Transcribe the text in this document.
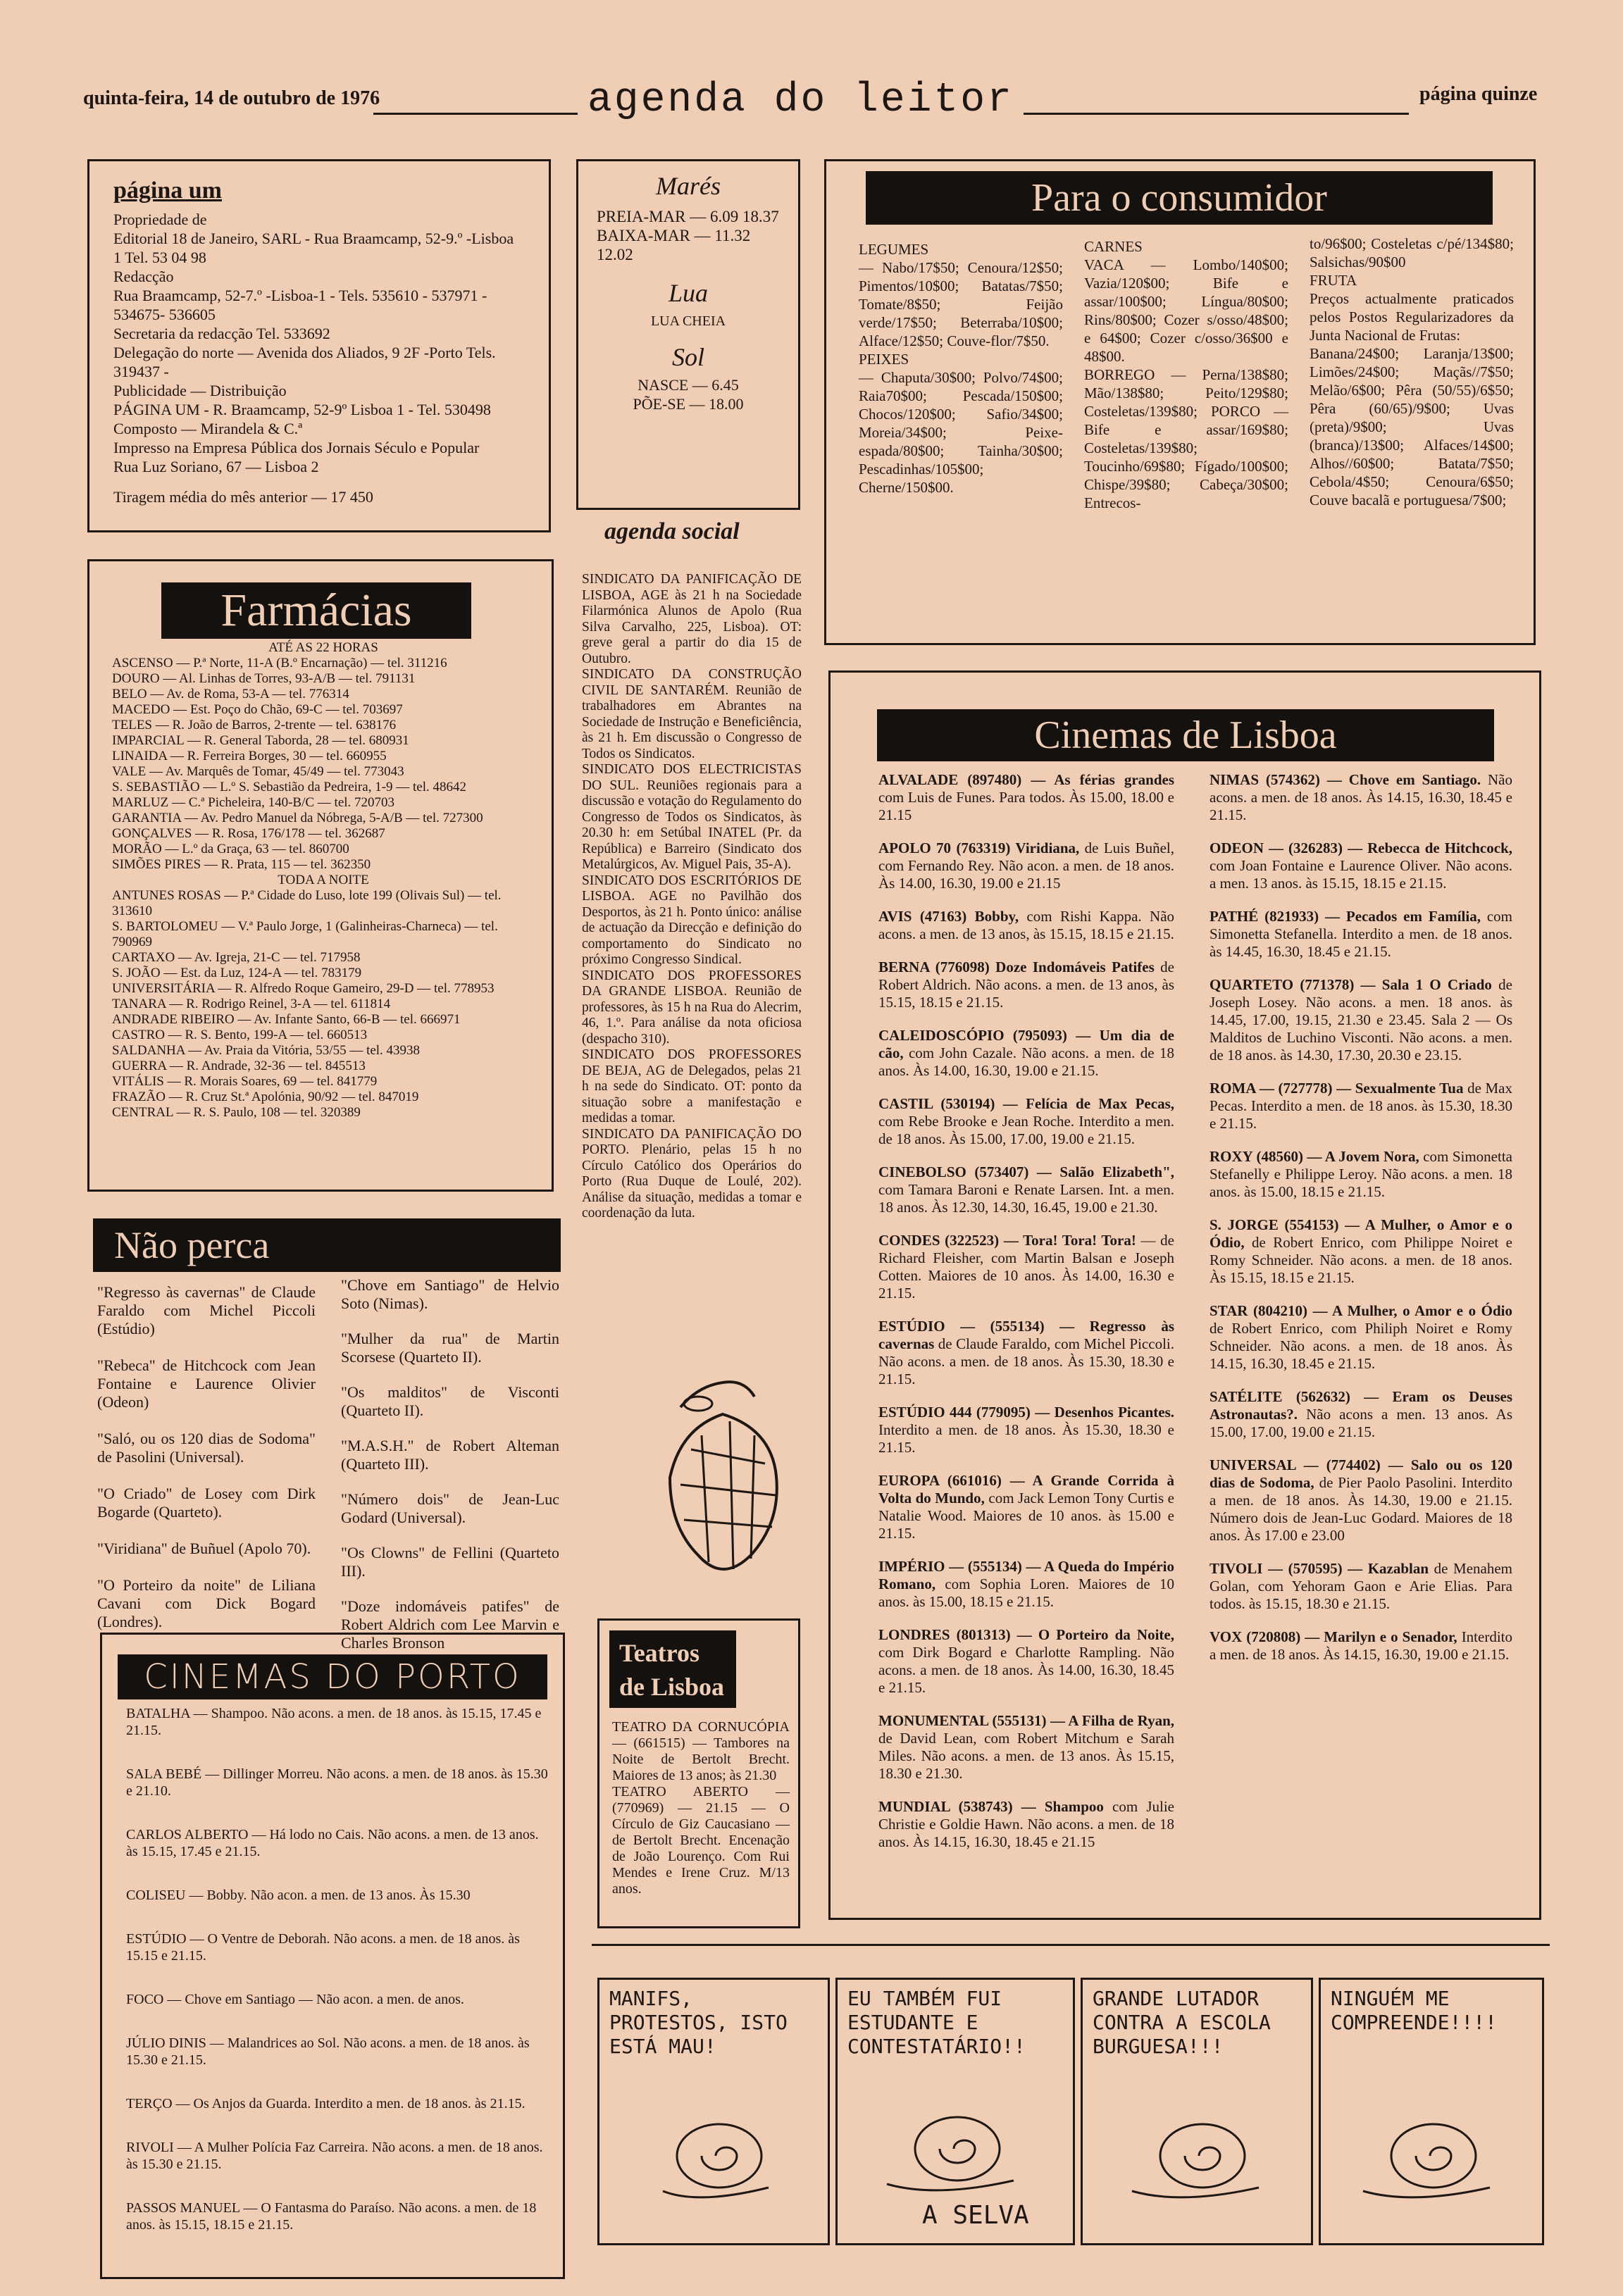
quinta-feira, 14 de outubro de 1976	agenda do leitor	página quinze
página um
Propriedade de
Editorial 18 de Janeiro, SARL - Rua Braamcamp, 52-9.º -Lisboa 1 Tel. 53 04 98
Redacção
Rua Braamcamp, 52-7.º -Lisboa-1 - Tels. 535610 - 537971 - 534675- 536605
Secretaria da redacção Tel. 533692
Delegação do norte — Avenida dos Aliados, 9 2F -Porto Tels. 319437 -
Publicidade — Distribuição
PÁGINA UM - R. Braamcamp, 52-9º Lisboa 1 - Tel. 530498
Composto — Mirandela & C.ª
Impresso na Empresa Pública dos Jornais Século e Popular
Rua Luz Soriano, 67 — Lisboa 2
Tiragem média do mês anterior — 17 450
Marés
PREIA-MAR — 6.09 18.37
BAIXA-MAR — 11.32 12.02
Lua
LUA CHEIA
Sol
NASCE — 6.45
PÕE-SE — 18.00
Para o consumidor
LEGUMES
— Nabo/17$50; Cenoura/12$50; Pimentos/10$00; Batatas/7$50; Tomate/8$50; Feijão verde/17$50; Beterraba/10$00; Alface/12$50; Couve-flor/7$50.
PEIXES
— Chaputa/30$00; Polvo/74$00; Raia70$00; Pescada/150$00; Chocos/120$00; Safio/34$00; Moreia/34$00; Peixe-espada/80$00; Tainha/30$00; Pescadinhas/105$00; Cherne/150$00.
CARNES
VACA — Lombo/140$00; Vazia/120$00; Bife e assar/100$00; Língua/80$00; Rins/80$00; Cozer s/osso/48$00; e 64$00; Cozer c/osso/36$00 e 48$00.
BORREGO — Perna/138$80; Mão/138$80; Peito/129$80; Costeletas/139$80; PORCO — Bife e assar/169$80; Costeletas/139$80; Toucinho/69$80; Fígado/100$00; Chispe/39$80; Cabeça/30$00; Entrecos-
to/96$00; Costeletas c/pé/134$80; Salsichas/90$00
FRUTA
Preços actualmente praticados pelos Postos Regularizadores da Junta Nacional de Frutas:
Banana/24$00; Laranja/13$00; Limões/24$00; Maçãs//7$50; Melão/6$00; Pêra (50/55)/6$50; Pêra (60/65)/9$00; Uvas (preta)/9$00; Uvas (branca)/13$00; Alfaces/14$00; Alhos//60$00; Batata/7$50; Cebola/4$50; Cenoura/6$50; Couve bacalã e portuguesa/7$00;
Farmácias
ATÉ AS 22 HORAS
ASCENSO — P.ª Norte, 11-A (B.º Encarnação) — tel. 311216
DOURO — Al. Linhas de Torres, 93-A/B — tel. 791131
BELO — Av. de Roma, 53-A — tel. 776314
MACEDO — Est. Poço do Chão, 69-C — tel. 703697
TELES — R. João de Barros, 2-trente — tel. 638176
IMPARCIAL — R. General Taborda, 28 — tel. 680931
LINAIDA — R. Ferreira Borges, 30 — tel. 660955
VALE — Av. Marquês de Tomar, 45/49 — tel. 773043
S. SEBASTIÃO — L.º S. Sebastião da Pedreira, 1-9 — tel. 48642
MARLUZ — C.ª Picheleira, 140-B/C — tel. 720703
GARANTIA — Av. Pedro Manuel da Nóbrega, 5-A/B — tel. 727300
GONÇALVES — R. Rosa, 176/178 — tel. 362687
MORÃO — L.º da Graça, 63 — tel. 860700
SIMÕES PIRES — R. Prata, 115 — tel. 362350
TODA A NOITE
ANTUNES ROSAS — P.ª Cidade do Luso, lote 199 (Olivais Sul) — tel. 313610
S. BARTOLOMEU — V.ª Paulo Jorge, 1 (Galinheiras-Charneca) — tel. 790969
CARTAXO — Av. Igreja, 21-C — tel. 717958
S. JOÃO — Est. da Luz, 124-A — tel. 783179
UNIVERSITÁRIA — R. Alfredo Roque Gameiro, 29-D — tel. 778953
TANARA — R. Rodrigo Reinel, 3-A — tel. 611814
ANDRADE RIBEIRO — Av. Infante Santo, 66-B — tel. 666971
CASTRO — R. S. Bento, 199-A — tel. 660513
SALDANHA — Av. Praia da Vitória, 53/55 — tel. 43938
GUERRA — R. Andrade, 32-36 — tel. 845513
VITÁLIS — R. Morais Soares, 69 — tel. 841779
FRAZÃO — R. Cruz St.ª Apolónia, 90/92 — tel. 847019
CENTRAL — R. S. Paulo, 108 — tel. 320389
agenda social
SINDICATO DA PANIFICAÇÃO DE LISBOA, AGE às 21 h na Sociedade Filarmónica Alunos de Apolo (Rua Silva Carvalho, 225, Lisboa). OT: greve geral a partir do dia 15 de Outubro.
SINDICATO DA CONSTRUÇÃO CIVIL DE SANTARÉM. Reunião de trabalhadores em Abrantes na Sociedade de Instrução e Beneficiência, às 21 h. Em discussão o Congresso de Todos os Sindicatos.
SINDICATO DOS ELECTRICISTAS DO SUL. Reuniões regionais para a discussão e votação do Regulamento do Congresso de Todos os Sindicatos, às 20.30 h: em Setúbal INATEL (Pr. da República) e Barreiro (Sindicato dos Metalúrgicos, Av. Miguel Pais, 35-A).
SINDICATO DOS ESCRITÓRIOS DE LISBOA. AGE no Pavilhão dos Desportos, às 21 h. Ponto único: análise de actuação da Direcção e definição do comportamento do Sindicato no próximo Congresso Sindical.
SINDICATO DOS PROFESSORES DA GRANDE LISBOA. Reunião de professores, às 15 h na Rua do Alecrim, 46, 1.º. Para análise da nota oficiosa (despacho 310).
SINDICATO DOS PROFESSORES DE BEJA, AG de Delegados, pelas 21 h na sede do Sindicato. OT: ponto da situação sobre a manifestação e medidas a tomar.
SINDICATO DA PANIFICAÇÃO DO PORTO. Plenário, pelas 15 h no Círculo Católico dos Operários do Porto (Rua Duque de Loulé, 202). Análise da situação, medidas a tomar e coordenação da luta.
Cinemas de Lisboa

ALVALADE (897480) — As férias grandes com Luis de Funes. Para todos. Às 15.00, 18.00 e 21.15

APOLO 70 (763319) Viridiana, de Luis Buñel, com Fernando Rey. Não acon. a men. de 18 anos. Às 14.00, 16.30, 19.00 e 21.15

AVIS (47163) Bobby, com Rishi Kappa. Não acons. a men. de 13 anos, às 15.15, 18.15 e 21.15.

BERNA (776098) Doze Indomáveis Patifes de Robert Aldrich. Não acons. a men. de 13 anos, às 15.15, 18.15 e 21.15.

CALEIDOSCÓPIO (795093) — Um dia de cão, com John Cazale. Não acons. a men. de 18 anos. Às 14.00, 16.30, 19.00 e 21.15.

CASTIL (530194) — Felícia de Max Pecas, com Rebe Brooke e Jean Roche. Interdito a men. de 18 anos. Às 15.00, 17.00, 19.00 e 21.15.

CINEBOLSO (573407) — Salão Elizabeth", com Tamara Baroni e Renate Larsen. Int. a men. 18 anos. Às 12.30, 14.30, 16.45, 19.00 e 21.30.

CONDES (322523) — Tora! Tora! Tora! — de Richard Fleisher, com Martin Balsan e Joseph Cotten. Maiores de 10 anos. Às 14.00, 16.30 e 21.15.

ESTÚDIO — (555134) — Regresso às cavernas de Claude Faraldo, com Michel Piccoli. Não acons. a men. de 18 anos. Às 15.30, 18.30 e 21.15.

ESTÚDIO 444 (779095) — Desenhos Picantes. Interdito a men. de 18 anos. Às 15.30, 18.30 e 21.15.

EUROPA (661016) — A Grande Corrida à Volta do Mundo, com Jack Lemon Tony Curtis e Natalie Wood. Maiores de 10 anos. às 15.00 e 21.15.

IMPÉRIO — (555134) — A Queda do Império Romano, com Sophia Loren. Maiores de 10 anos. às 15.00, 18.15 e 21.15.

LONDRES (801313) — O Porteiro da Noite, com Dirk Bogard e Charlotte Rampling. Não acons. a men. de 18 anos. Às 14.00, 16.30, 18.45 e 21.15.

MONUMENTAL (555131) — A Filha de Ryan, de David Lean, com Robert Mitchum e Sarah Miles. Não acons. a men. de 13 anos. Às 15.15, 18.30 e 21.30.

MUNDIAL (538743) — Shampoo com Julie Christie e Goldie Hawn. Não acons. a men. de 18 anos. Às 14.15, 16.30, 18.45 e 21.15

NIMAS (574362) — Chove em Santiago. Não acons. a men. de 18 anos. Às 14.15, 16.30, 18.45 e 21.15.

ODEON — (326283) — Rebecca de Hitchcock, com Joan Fontaine e Laurence Oliver. Não acons. a men. 13 anos. às 15.15, 18.15 e 21.15.

PATHÉ (821933) — Pecados em Família, com Simonetta Stefanella. Interdito a men. de 18 anos. às 14.45, 16.30, 18.45 e 21.15.

QUARTETO (771378) — Sala 1 O Criado de Joseph Losey. Não acons. a men. 18 anos. às 14.45, 17.00, 19.15, 21.30 e 23.45. Sala 2 — Os Malditos de Luchino Visconti. Não acons. a men. de 18 anos. às 14.30, 17.30, 20.30 e 23.15.

ROMA — (727778) — Sexualmente Tua de Max Pecas. Interdito a men. de 18 anos. às 15.30, 18.30 e 21.15.

ROXY (48560) — A Jovem Nora, com Simonetta Stefanelly e Philippe Leroy. Não acons. a men. 18 anos. às 15.00, 18.15 e 21.15.

S. JORGE (554153) — A Mulher, o Amor e o Ódio, de Robert Enrico, com Philippe Noiret e Romy Schneider. Não acons. a men. de 18 anos. Às 15.15, 18.15 e 21.15.

STAR (804210) — A Mulher, o Amor e o Ódio de Robert Enrico, com Philiph Noiret e Romy Schneider. Não acons. a men. de 18 anos. Às 14.15, 16.30, 18.45 e 21.15.

SATÉLITE (562632) — Eram os Deuses Astronautas?. Não acons a men. 13 anos. As 15.00, 17.00, 19.00 e 21.15.

UNIVERSAL — (774402) — Salo ou os 120 dias de Sodoma, de Pier Paolo Pasolini. Interdito a men. de 18 anos. Às 14.30, 19.00 e 21.15. Número dois de Jean-Luc Godard. Maiores de 18 anos. Às 17.00 e 23.00

TIVOLI — (570595) — Kazablan de Menahem Golan, com Yehoram Gaon e Arie Elias. Para todos. às 15.15, 18.30 e 21.15.

VOX (720808) — Marilyn e o Senador, Interdito a men. de 18 anos. Às 14.15, 16.30, 19.00 e 21.15.

Não perca
"Regresso às cavernas" de Claude Faraldo com Michel Piccoli (Estúdio)
"Rebeca" de Hitchcock com Jean Fontaine e Laurence Olivier (Odeon)
"Saló, ou os 120 dias de Sodoma" de Pasolini (Universal).
"O Criado" de Losey com Dirk Bogarde (Quarteto).
"Viridiana" de Buñuel (Apolo 70).
"O Porteiro da noite" de Liliana Cavani com Dick Bogard (Londres).
"Chove em Santiago" de Helvio Soto (Nimas).
"Mulher da rua" de Martin Scorsese (Quarteto II).
"Os malditos" de Visconti (Quarteto II).
"M.A.S.H." de Robert Alteman (Quarteto III).
"Número dois" de Jean-Luc Godard (Universal).
"Os Clowns" de Fellini (Quarteto III).
"Doze indomáveis patifes" de Robert Aldrich com Lee Marvin e Charles Bronson
CINEMAS DO PORTO
BATALHA — Shampoo. Não acons. a men. de 18 anos. às 15.15, 17.45 e 21.15.
SALA BEBÉ — Dillinger Morreu. Não acons. a men. de 18 anos. às 15.30 e 21.10.
CARLOS ALBERTO — Há lodo no Cais. Não acons. a men. de 13 anos. às 15.15, 17.45 e 21.15.
COLISEU — Bobby. Não acon. a men. de 13 anos. Às 15.30
ESTÚDIO — O Ventre de Deborah. Não acons. a men. de 18 anos. às 15.15 e 21.15.
FOCO — Chove em Santiago — Não acon. a men. de anos.
JÚLIO DINIS — Malandrices ao Sol. Não acons. a men. de 18 anos. às 15.30 e 21.15.
TERÇO — Os Anjos da Guarda. Interdito a men. de 18 anos. às 21.15.
RIVOLI — A Mulher Polícia Faz Carreira. Não acons. a men. de 18 anos. às 15.30 e 21.15.
PASSOS MANUEL — O Fantasma do Paraíso. Não acons. a men. de 18 anos. às 15.15, 18.15 e 21.15.
Teatros de Lisboa
TEATRO DA CORNUCÓPIA — (661515) — Tambores na Noite de Bertolt Brecht. Maiores de 13 anos; às 21.30
TEATRO ABERTO — (770969) — 21.15 — O Círculo de Giz Caucasiano — de Bertolt Brecht. Encenação de João Lourenço. Com Rui Mendes e Irene Cruz. M/13 anos.
MANIFS, PROTESTOS, ISTO ESTÁ MAU!
EU TAMBÉM FUI ESTUDANTE E CONTESTATÁRIO!!
A SELVA
GRANDE LUTADOR CONTRA A ESCOLA BURGUESA!!!
NINGUÉM ME COMPREENDE!!!!
